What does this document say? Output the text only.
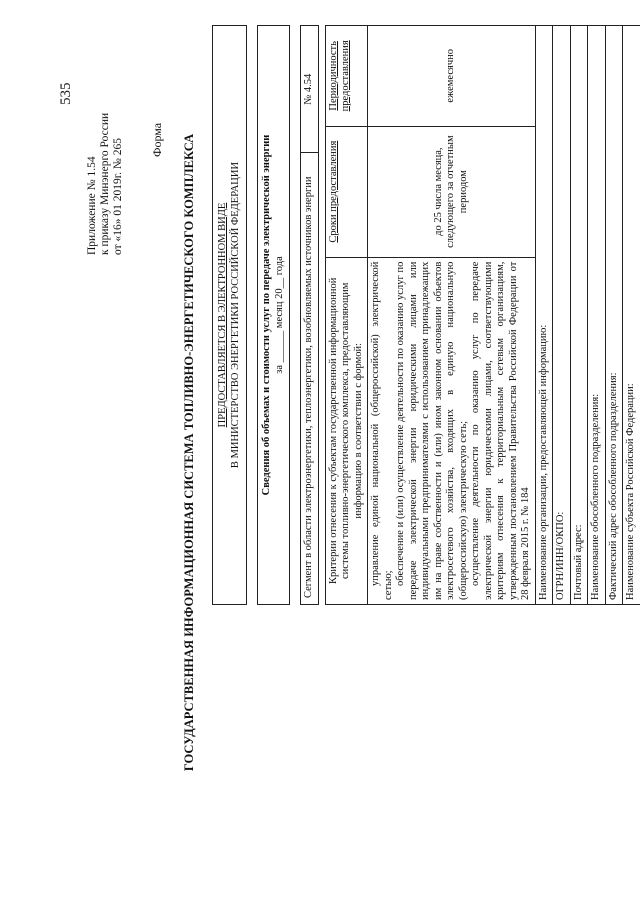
535
Приложение № 1.54 к приказу Минэнерго России от «16» 01 2019г. № 265 Форма ГОСУДАРСТВЕННАЯ ИНФОРМАЦИОННАЯ СИСТЕМА ТОПЛИВНО-ЭНЕРГЕТИЧЕСКОГО КОМПЛЕКСА ПРЕДОСТАВЛЯЕТСЯ В ЭЛЕКТРОННОМ ВИДЕ В МИНИСТЕРСТВО ЭНЕРГЕТИКИ РОССИЙСКОЙ ФЕДЕРАЦИИ Сведения об объемах и стоимости услуг по передаче электрической энергии за ______ месяц 20__ года Сегмент в области электроэнергетики, теплоэнергетики, возобновляемых источников энергии	№ 4.54
Критерии отнесения к субъектам государственной информационной системы топливно-энергетического комплекса, предоставляющим информацию в соответствии с формой:	Сроки предоставления	Периодичность предоставления

управление единой национальной (общероссийской) электрической сетью; обеспечение и (или) осуществление деятельности по оказанию услуг по передаче электрической энергии юридическими лицами или индивидуальными предпринимателями с использованием принадлежащих им на праве собственности и (или) ином законном основании объектов электросетевого хозяйства, входящих в единую национальную (общероссийскую) электрическую сеть; осуществление деятельности по оказанию услуг по передаче электрической энергии юридическими лицами, соответствующими критериям отнесения к территориальным сетевым организациям, утвержденным постановлением Правительства Российской Федерации от 28 февраля 2015 г. № 184	до 25 числа месяца, следующего за отчетным периодом	ежемесячно
Наименование организации, предоставляющей информацию:		
ОГРН/ИНН/ОКПО:		
Почтовый адрес:		
Наименование обособленного подразделения:		
Фактический адрес обособленного подразделения:		
Наименование субъекта Российской Федерации:		
